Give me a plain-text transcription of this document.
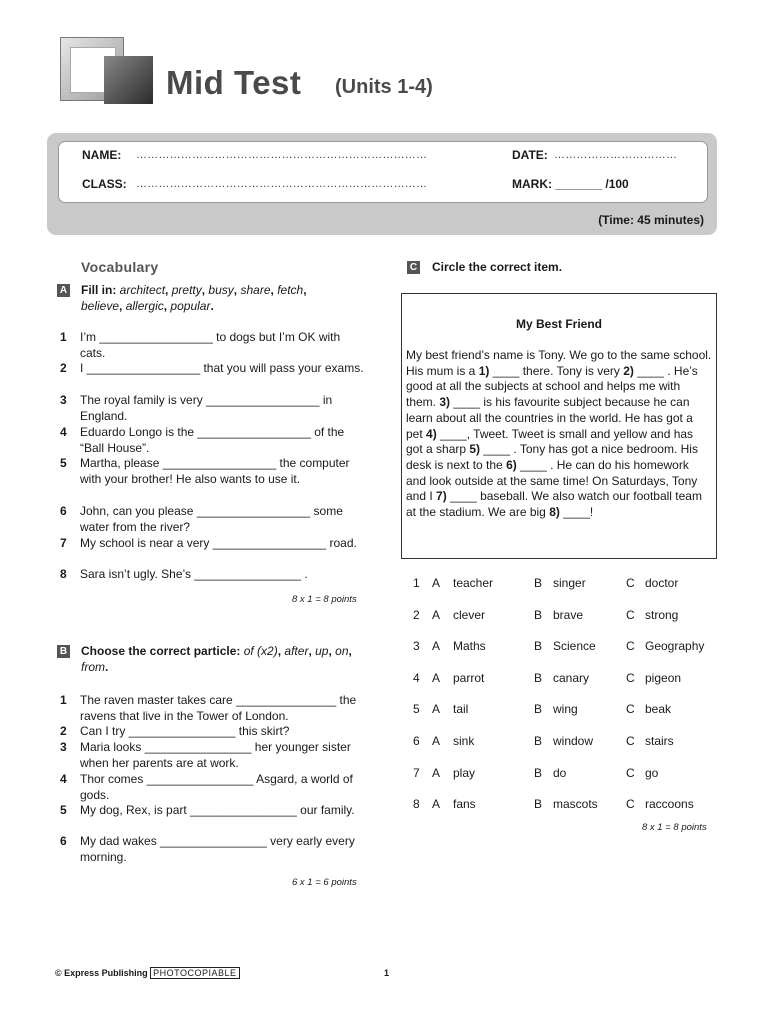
Mid Test (Units 1-4)
NAME: ……………………………………………………………………	DATE: ……………………………
CLASS: ……………………………………………………………………	MARK: _______ /100
(Time: 45 minutes)
Vocabulary
A Fill in: architect, pretty, busy, share, fetch, believe, allergic, popular.
1 I’m _________________ to dogs but I’m OK with cats.
2 I _________________ that you will pass your exams.
3 The royal family is very _________________ in England.
4 Eduardo Longo is the _________________ of the “Ball House”.
5 Martha, please _________________ the computer with your brother! He also wants to use it.
6 John, can you please _________________ some water from the river?
7 My school is near a very _________________ road.
8 Sara isn’t ugly. She’s ________________ .
8 x 1 = 8 points
B Choose the correct particle: of (x2), after, up, on, from.
1 The raven master takes care _______________ the ravens that live in the Tower of London.
2 Can I try ________________ this skirt?
3 Maria looks ________________ her younger sister when her parents are at work.
4 Thor comes ________________ Asgard, a world of gods.
5 My dog, Rex, is part ________________ our family.
6 My dad wakes ________________ very early every morning.
6 x 1 = 6 points
C Circle the correct item.
My Best Friend
My best friend’s name is Tony. We go to the same school. His mum is a 1) ____ there. Tony is very 2) ____ . He’s good at all the subjects at school and helps me with them. 3) ____ is his favourite subject because he can learn about all the countries in the world. He has got a pet 4) ____, Tweet. Tweet is small and yellow and has got a sharp 5) ____ . Tony has got a nice bedroom. His desk is next to the 6) ____ . He can do his homework and look outside at the same time! On Saturdays, Tony and I 7) ____ baseball. We also watch our football team at the stadium. We are big 8) ____!
1 A teacher	B singer	C doctor
2 A clever	B brave	C strong
3 A Maths	B Science	C Geography
4 A parrot	B canary	C pigeon
5 A tail	B wing	C beak
6 A sink	B window	C stairs
7 A play	B do	C go
8 A fans	B mascots C raccoons
8 x 1 = 8 points
© Express Publishing PHOTOCOPIABLE	1
